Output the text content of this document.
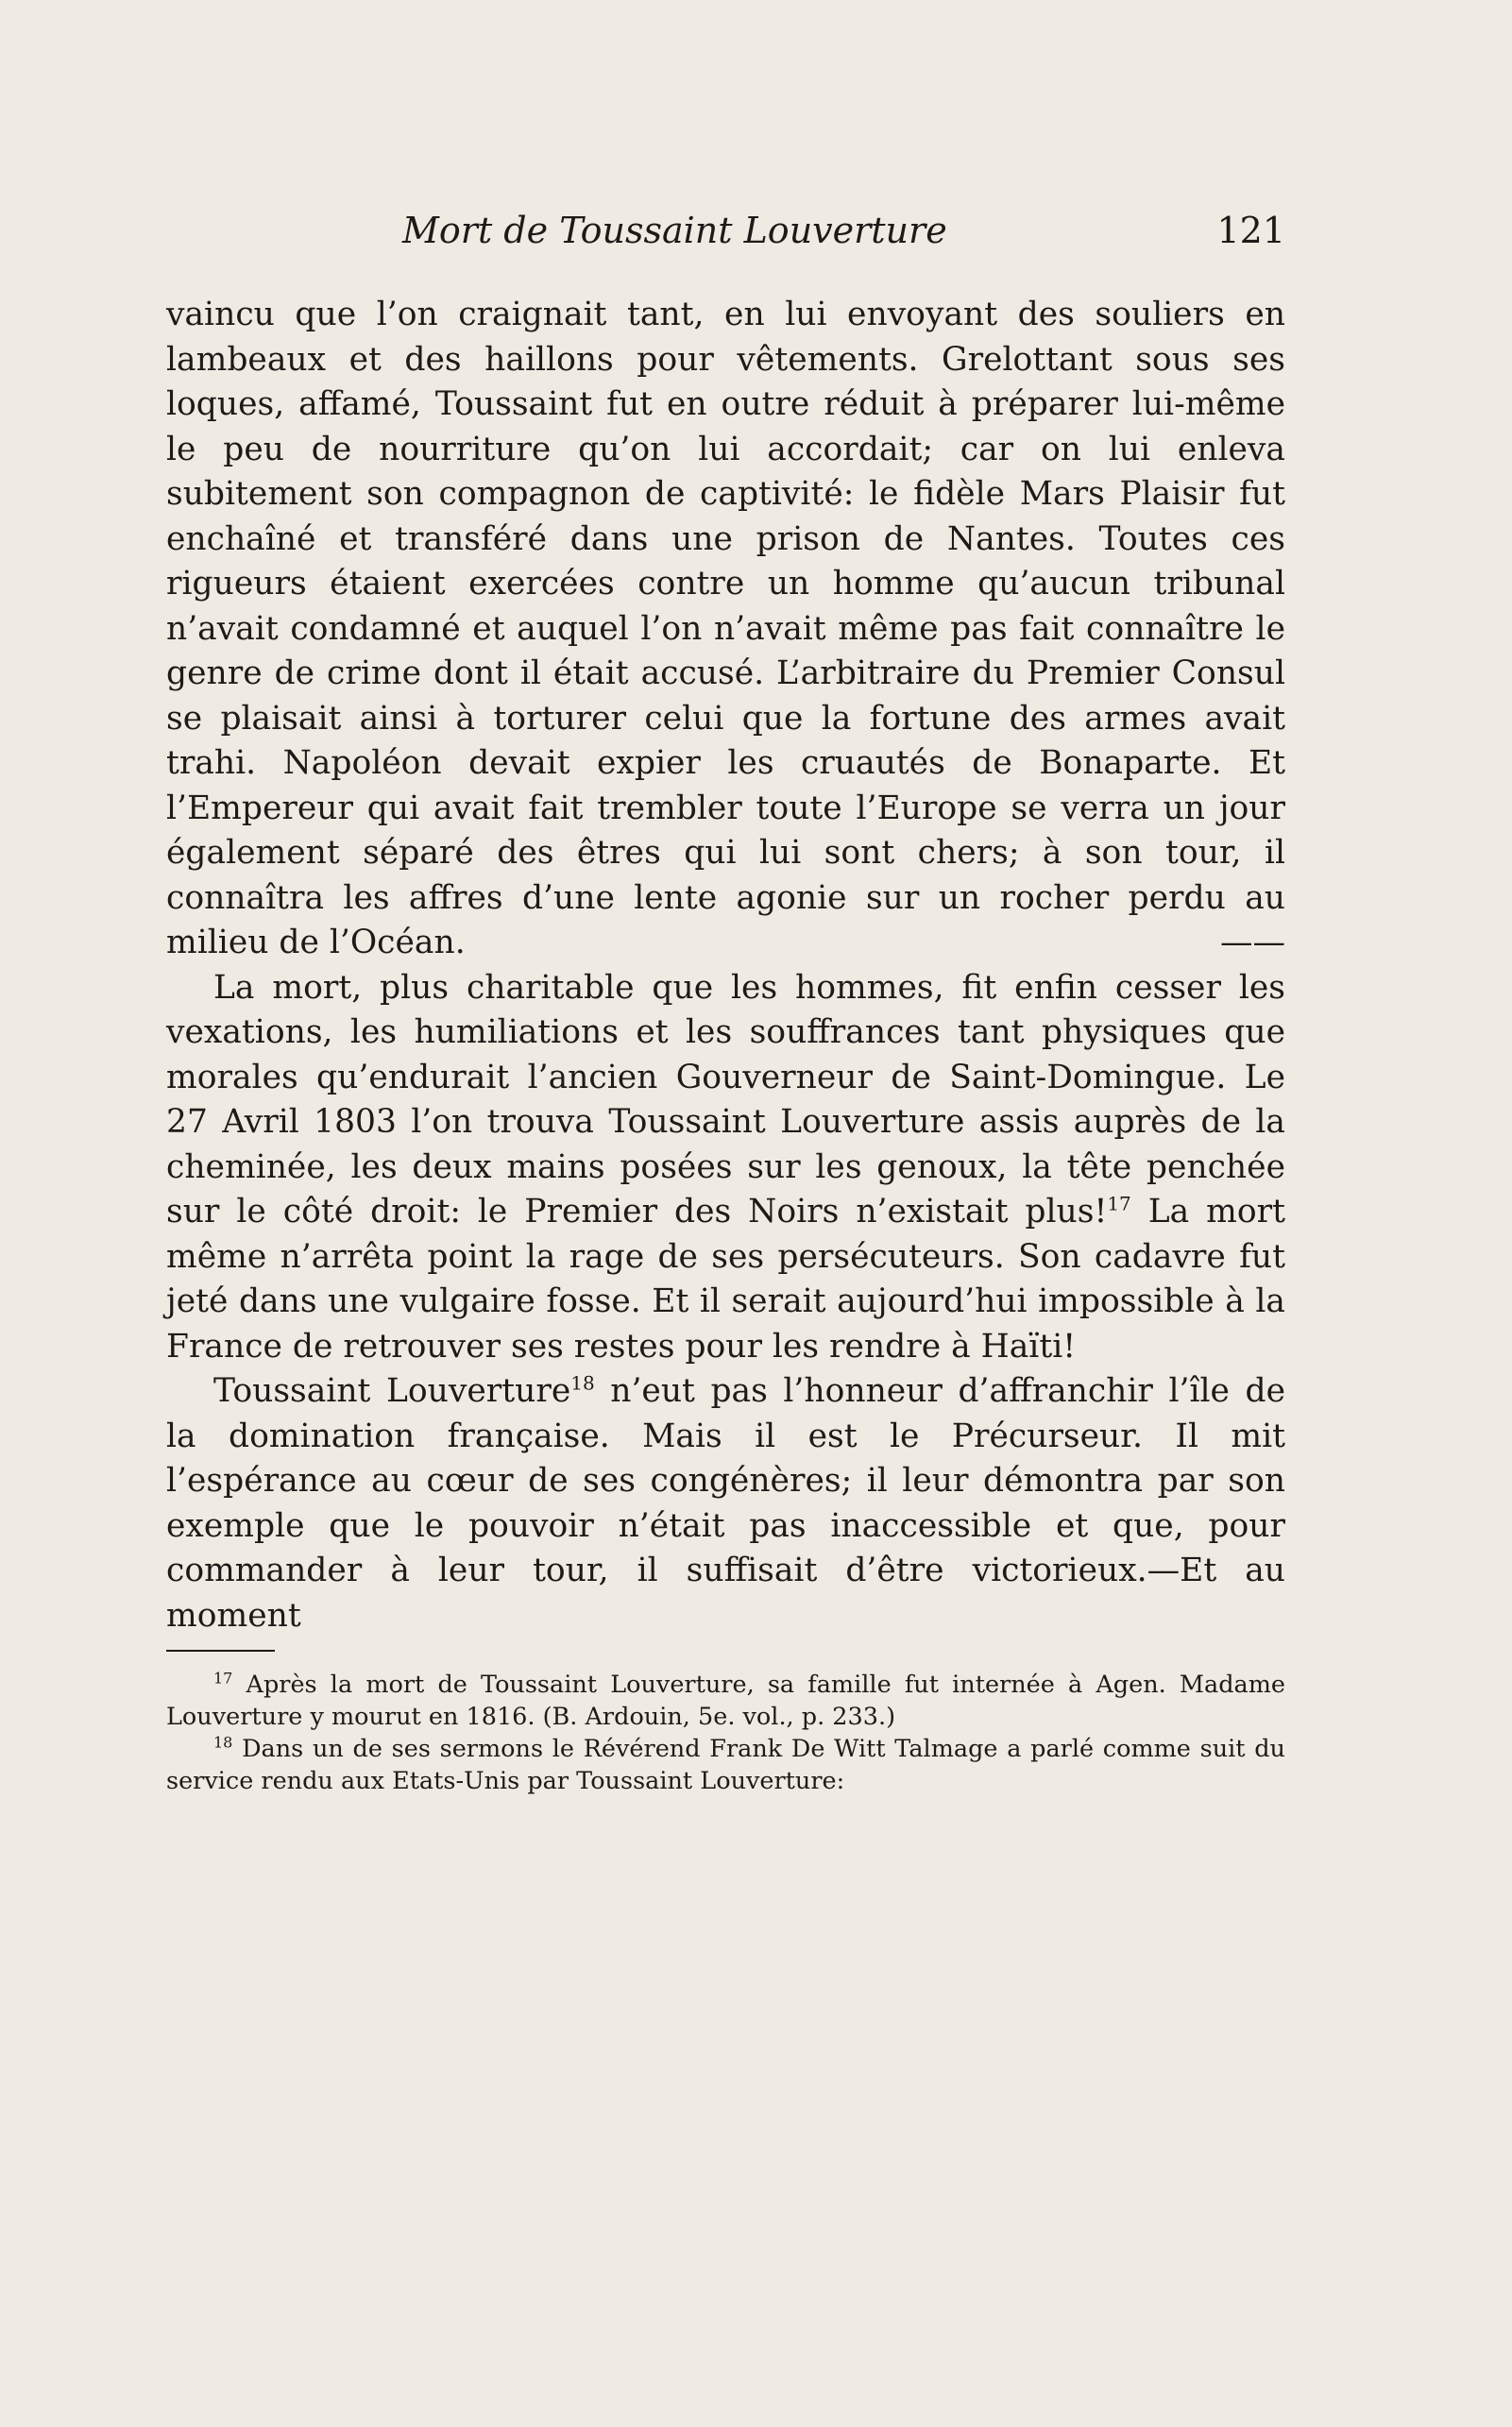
Mort de Toussaint Louverture	121

vaincu que l’on craignait tant, en lui envoyant des souliers en lambeaux et des haillons pour vêtements. Grelottant sous ses loques, affamé, Toussaint fut en outre réduit à préparer lui-même le peu de nourriture qu’on lui accordait; car on lui enleva subitement son compagnon de captivité: le fidèle Mars Plaisir fut enchaîné et transféré dans une prison de Nantes. Toutes ces rigueurs étaient exercées contre un homme qu’aucun tribunal n’avait condamné et auquel l’on n’avait même pas fait connaître le genre de crime dont il était accusé. L’arbitraire du Premier Consul se plaisait ainsi à torturer celui que la fortune des armes avait trahi. Napoléon devait expier les cruautés de Bonaparte. Et l’Empereur qui avait fait trembler toute l’Europe se verra un jour également séparé des êtres qui lui sont chers; à son tour, il connaîtra les affres d’une lente agonie sur un rocher perdu au milieu de l’Océan.	——

La mort, plus charitable que les hommes, fit enfin cesser les vexations, les humiliations et les souffrances tant physiques que morales qu’endurait l’ancien Gouverneur de Saint-Domingue. Le 27 Avril 1803 l’on trouva Toussaint Louverture assis auprès de la cheminée, les deux mains posées sur les genoux, la tête penchée sur le côté droit: le Premier des Noirs n’existait plus!$^{17}$ La mort même n’arrêta point la rage de ses persécuteurs. Son cadavre fut jeté dans une vulgaire fosse. Et il serait aujourd’hui impossible à la France de retrouver ses restes pour les rendre à Haïti!

Toussaint Louverture$^{18}$ n’eut pas l’honneur d’affranchir l’île de la domination française. Mais il est le Précurseur. Il mit l’espérance au cœur de ses congénères; il leur démontra par son exemple que le pouvoir n’était pas inaccessible et que, pour commander à leur tour, il suffisait d’être victorieux.—Et au moment

$^{17}$ Après la mort de Toussaint Louverture, sa famille fut internée à Agen. Madame Louverture y mourut en 1816. (B. Ardouin, 5e. vol., p. 233.)

$^{18}$ Dans un de ses sermons le Révérend Frank De Witt Talmage a parlé comme suit du service rendu aux Etats-Unis par Toussaint Louverture:
